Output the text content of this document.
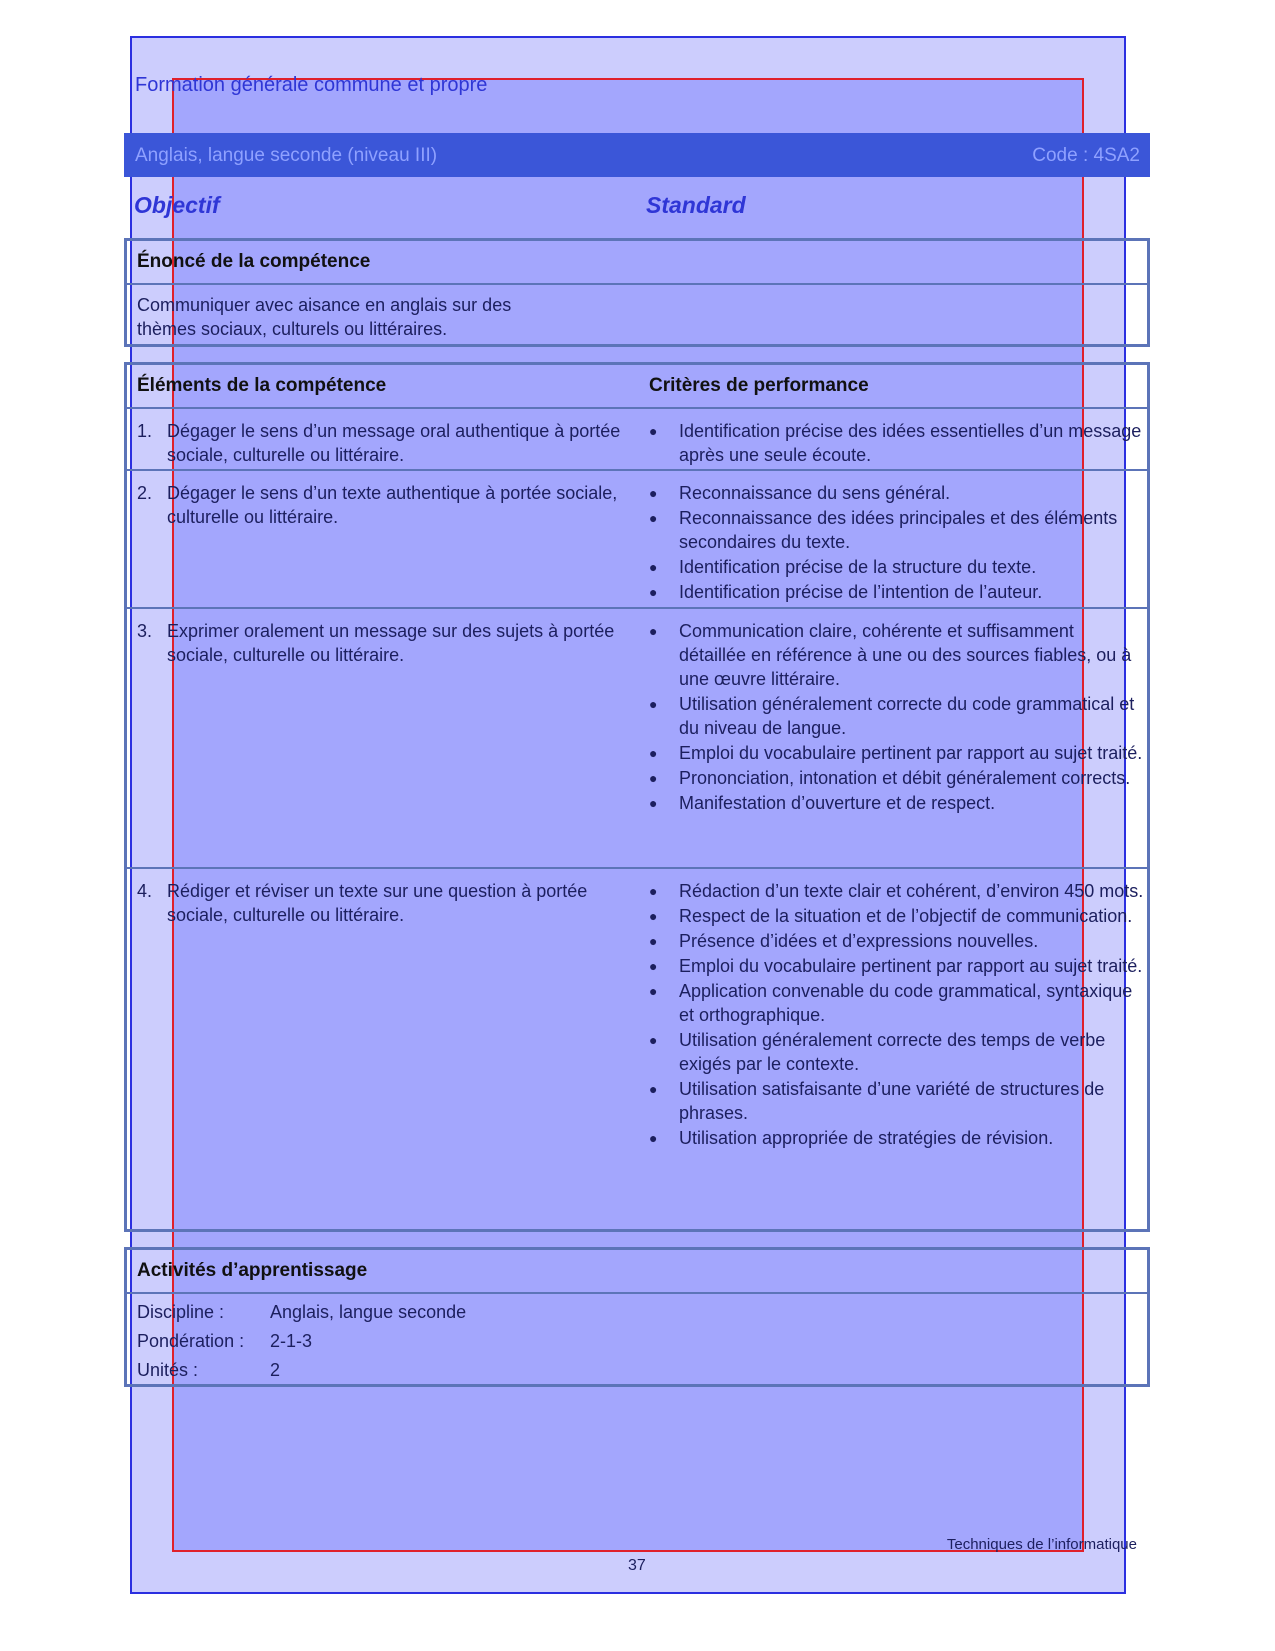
Formation générale commune et propre
Anglais, langue seconde (niveau III)	Code : 4SA2
Objectif	Standard
Énoncé de la compétence
Communiquer avec aisance en anglais sur des
thèmes sociaux, culturels ou littéraires.
Éléments de la compétence	Critères de performance
1. Dégager le sens d’un message oral authentique à portée sociale, culturelle ou littéraire.
●	Identification précise des idées essentielles d’un message après une seule écoute.
2. Dégager le sens d’un texte authentique à portée sociale, culturelle ou littéraire.
●	Reconnaissance du sens général.
●	Reconnaissance des idées principales et des éléments secondaires du texte.
●	Identification précise de la structure du texte.
●	Identification précise de l’intention de l’auteur.
3. Exprimer oralement un message sur des sujets à portée sociale, culturelle ou littéraire.
●	Communication claire, cohérente et suffisamment détaillée en référence à une ou des sources fiables, ou à une œuvre littéraire.
●	Utilisation généralement correcte du code grammatical et du niveau de langue.
●	Emploi du vocabulaire pertinent par rapport au sujet traité.
●	Prononciation, intonation et débit généralement corrects.
●	Manifestation d’ouverture et de respect.
4. Rédiger et réviser un texte sur une question à portée sociale, culturelle ou littéraire.
●	Rédaction d’un texte clair et cohérent, d’environ 450 mots.
●	Respect de la situation et de l’objectif de communication.
●	Présence d’idées et d’expressions nouvelles.
●	Emploi du vocabulaire pertinent par rapport au sujet traité.
●	Application convenable du code grammatical, syntaxique et orthographique.
●	Utilisation généralement correcte des temps de verbe exigés par le contexte.
●	Utilisation satisfaisante d’une variété de structures de phrases.
●	Utilisation appropriée de stratégies de révision.
Activités d’apprentissage
Discipline :	Anglais, langue seconde
Pondération : 2-1-3
Unités :	2
Techniques de l’informatique
37
